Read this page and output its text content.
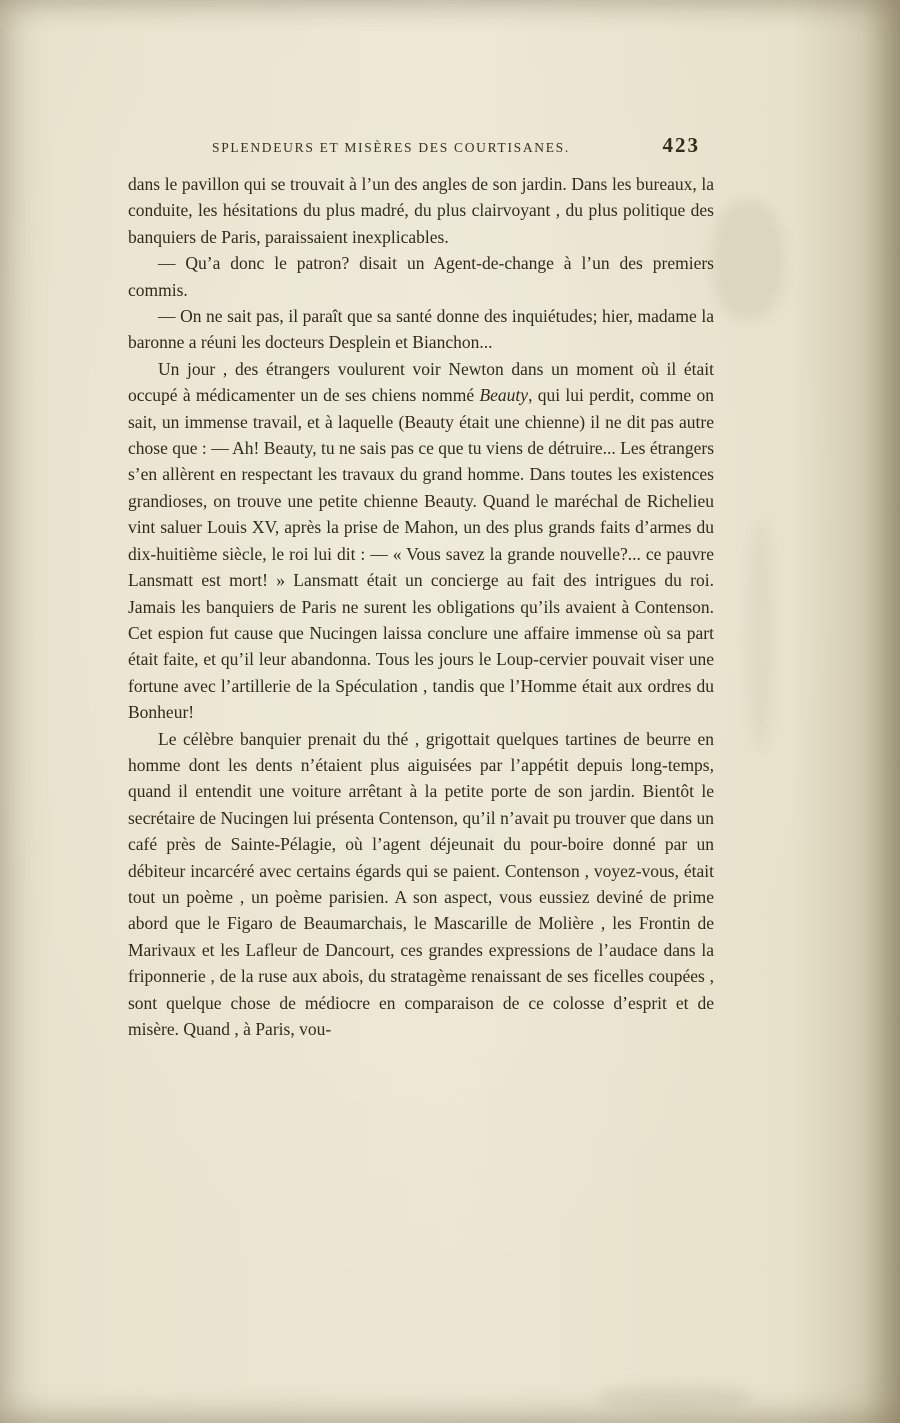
SPLENDEURS ET MISÈRES DES COURTISANES.	423

dans le pavillon qui se trouvait à l’un des angles de son jardin. Dans les bureaux, la conduite, les hésitations du plus madré, du plus clairvoyant , du plus politique des banquiers de Paris, paraissaient inexplicables.

— Qu’a donc le patron? disait un Agent-de-change à l’un des premiers commis.

— On ne sait pas, il paraît que sa santé donne des inquiétudes; hier, madame la baronne a réuni les docteurs Desplein et Bianchon...

Un jour , des étrangers voulurent voir Newton dans un moment où il était occupé à médicamenter un de ses chiens nommé Beauty, qui lui perdit, comme on sait, un immense travail, et à laquelle (Beauty était une chienne) il ne dit pas autre chose que : — Ah! Beauty, tu ne sais pas ce que tu viens de détruire... Les étrangers s’en allèrent en respectant les travaux du grand homme. Dans toutes les existences grandioses, on trouve une petite chienne Beauty. Quand le maréchal de Richelieu vint saluer Louis XV, après la prise de Mahon, un des plus grands faits d’armes du dix-huitième siècle, le roi lui dit : — « Vous savez la grande nouvelle?... ce pauvre Lansmatt est mort! » Lansmatt était un concierge au fait des intrigues du roi. Jamais les banquiers de Paris ne surent les obligations qu’ils avaient à Contenson. Cet espion fut cause que Nucingen laissa conclure une affaire immense où sa part était faite, et qu’il leur abandonna. Tous les jours le Loup-cervier pouvait viser une fortune avec l’artillerie de la Spéculation , tandis que l’Homme était aux ordres du Bonheur!

Le célèbre banquier prenait du thé , grigottait quelques tartines de beurre en homme dont les dents n’étaient plus aiguisées par l’appétit depuis long-temps, quand il entendit une voiture arrêtant à la petite porte de son jardin. Bientôt le secrétaire de Nucingen lui présenta Contenson, qu’il n’avait pu trouver que dans un café près de Sainte-Pélagie, où l’agent déjeunait du pour-boire donné par un débiteur incarcéré avec certains égards qui se paient. Contenson , voyez-vous, était tout un poème , un poème parisien. A son aspect, vous eussiez deviné de prime abord que le Figaro de Beaumarchais, le Mascarille de Molière , les Frontin de Marivaux et les Lafleur de Dancourt, ces grandes expressions de l’audace dans la friponnerie , de la ruse aux abois, du stratagème renaissant de ses ficelles coupées , sont quelque chose de médiocre en comparaison de ce colosse d’esprit et de misère. Quand , à Paris, vou-
